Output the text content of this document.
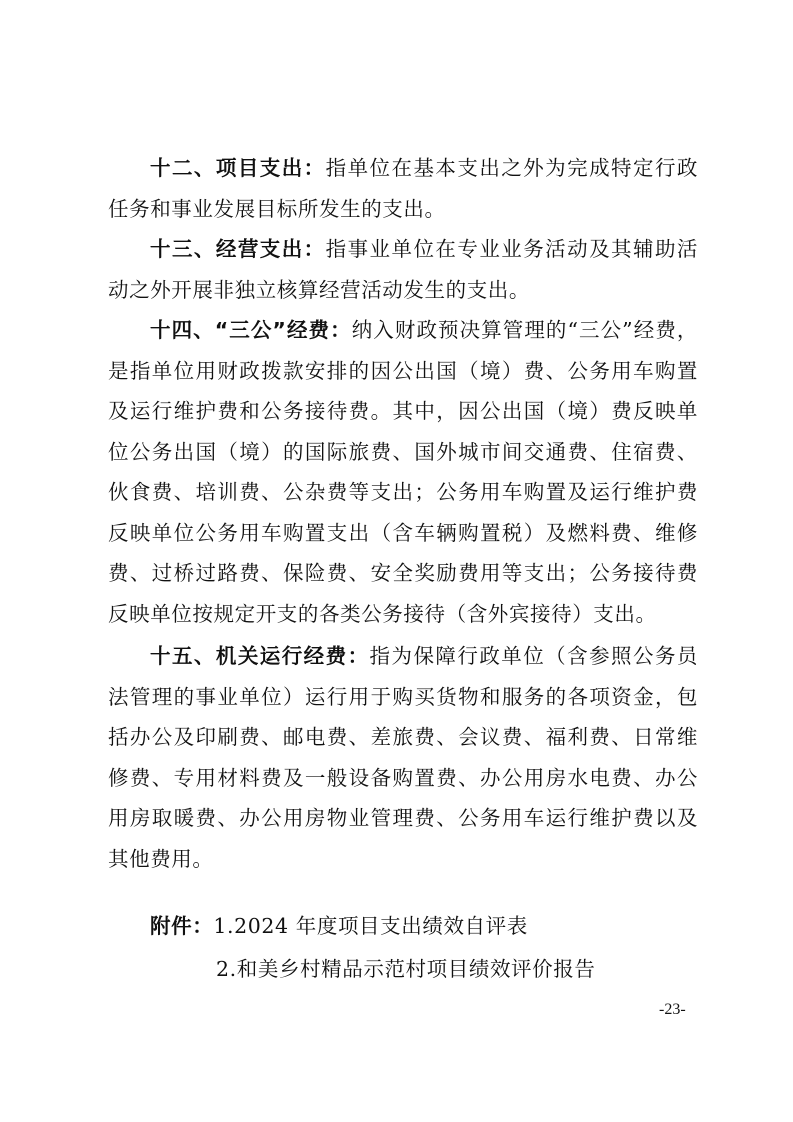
十二、项目支出：指单位在基本支出之外为完成特定行政任务和事业发展目标所发生的支出。

十三、经营支出：指事业单位在专业业务活动及其辅助活动之外开展非独立核算经营活动发生的支出。

十四、“三公”经费：纳入财政预决算管理的“三公”经费，是指单位用财政拨款安排的因公出国（境）费、公务用车购置及运行维护费和公务接待费。其中，因公出国（境）费反映单位公务出国（境）的国际旅费、国外城市间交通费、住宿费、伙食费、培训费、公杂费等支出；公务用车购置及运行维护费反映单位公务用车购置支出（含车辆购置税）及燃料费、维修费、过桥过路费、保险费、安全奖励费用等支出；公务接待费反映单位按规定开支的各类公务接待（含外宾接待）支出。

十五、机关运行经费：指为保障行政单位（含参照公务员法管理的事业单位）运行用于购买货物和服务的各项资金，包括办公及印刷费、邮电费、差旅费、会议费、福利费、日常维修费、专用材料费及一般设备购置费、办公用房水电费、办公用房取暖费、办公用房物业管理费、公务用车运行维护费以及其他费用。

附件：1.2024 年度项目支出绩效自评表
2.和美乡村精品示范村项目绩效评价报告
-23-
